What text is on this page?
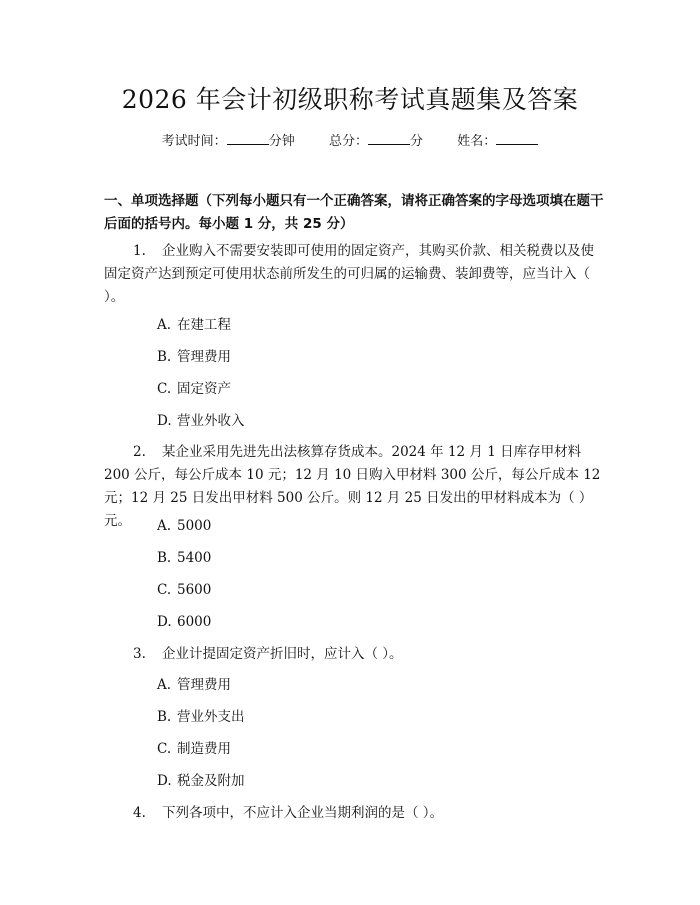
2026 年会计初级职称考试真题集及答案
考试时间：	分钟	总分：	分	姓名：
一、单项选择题（下列每小题只有一个正确答案，请将正确答案的字母选项填在题干后面的括号内。每小题 1 分，共 25 分）

1. 企业购入不需要安装即可使用的固定资产，其购买价款、相关税费以及使固定资产达到预定可使用状态前所发生的可归属的运输费、装卸费等，应当计入（ ）。

A. 在建工程
B. 管理费用
C. 固定资产
D. 营业外收入

2. 某企业采用先进先出法核算存货成本。2024 年 12 月 1 日库存甲材料 200 公斤，每公斤成本 10 元；12 月 10 日购入甲材料 300 公斤，每公斤成本 12 元；12 月 25 日发出甲材料 500 公斤。则 12 月 25 日发出的甲材料成本为（ ）元。	A. 5000
B. 5400
C. 5600
D. 6000

3. 企业计提固定资产折旧时，应计入（ ）。

A. 管理费用
B. 营业外支出
C. 制造费用
D. 税金及附加

4. 下列各项中，不应计入企业当期利润的是（ ）。
